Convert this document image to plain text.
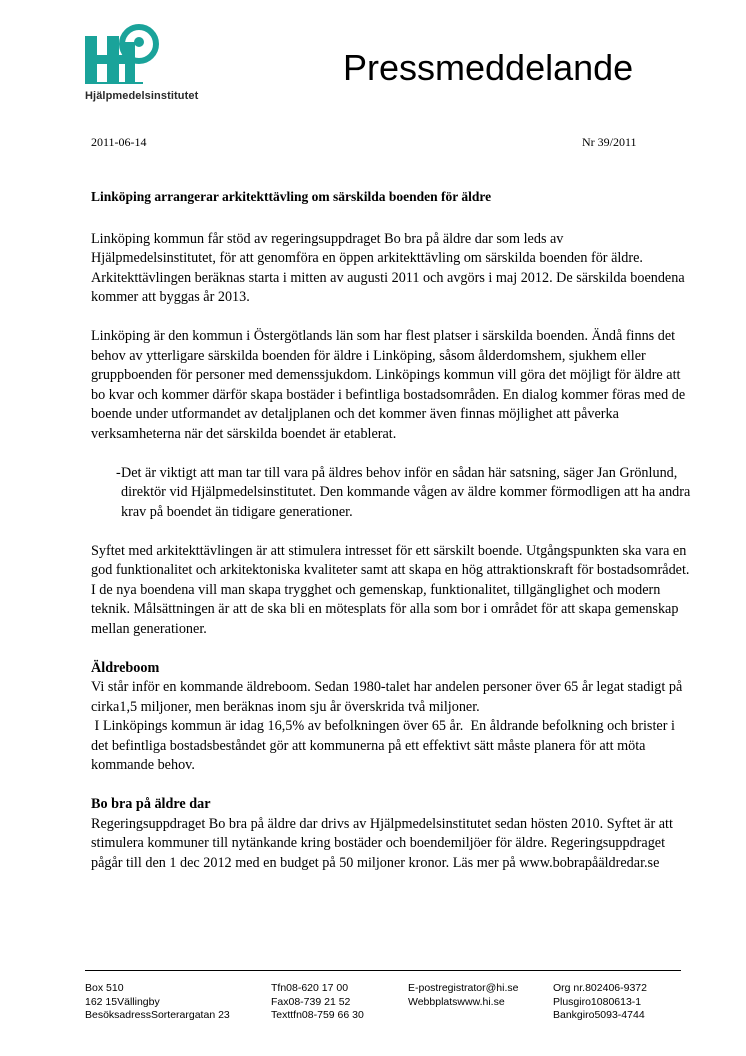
Hjälpmedelsinstitutet
Pressmeddelande
2011-06-14	Nr 39/2011

Linköping arrangerar arkitekttävling om särskilda boenden för äldre

Linköping kommun får stöd av regeringsuppdraget Bo bra på äldre dar som leds av Hjälpmedelsinstitutet, för att genomföra en öppen arkitekttävling om särskilda boenden för äldre. Arkitekttävlingen beräknas starta i mitten av augusti 2011 och avgörs i maj 2012. De särskilda boendena kommer att byggas år 2013.

Linköping är den kommun i Östergötlands län som har flest platser i särskilda boenden. Ändå finns det behov av ytterligare särskilda boenden för äldre i Linköping, såsom ålderdomshem, sjukhem eller gruppboenden för personer med demenssjukdom. Linköpings kommun vill göra det möjligt för äldre att bo kvar och kommer därför skapa bostäder i befintliga bostadsområden. En dialog kommer föras med de boende under utformandet av detaljplanen och det kommer även finnas möjlighet att påverka verksamheterna när det särskilda boendet är etablerat.

- Det är viktigt att man tar till vara på äldres behov inför en sådan här satsning, säger Jan Grönlund, direktör vid Hjälpmedelsinstitutet. Den kommande vågen av äldre kommer förmodligen att ha andra krav på boendet än tidigare generationer.

Syftet med arkitekttävlingen är att stimulera intresset för ett särskilt boende. Utgångspunkten ska vara en god funktionalitet och arkitektoniska kvaliteter samt att skapa en hög attraktionskraft för bostadsområdet. I de nya boendena vill man skapa trygghet och gemenskap, funktionalitet, tillgänglighet och modern teknik. Målsättningen är att de ska bli en mötesplats för alla som bor i området för att skapa gemenskap mellan generationer.

Äldreboom
Vi står inför en kommande äldreboom. Sedan 1980-talet har andelen personer över 65 år legat stadigt på cirka1,5 miljoner, men beräknas inom sju år överskrida två miljoner.
I Linköpings kommun är idag 16,5% av befolkningen över 65 år.  En åldrande befolkning och brister i det befintliga bostadsbeståndet gör att kommunerna på ett effektivt sätt måste planera för att möta kommande behov.
Bo bra på äldre dar
Regeringsuppdraget Bo bra på äldre dar drivs av Hjälpmedelsinstitutet sedan hösten 2010. Syftet är att stimulera kommuner till nytänkande kring bostäder och boendemiljöer för äldre. Regeringsuppdraget pågår till den 1 dec 2012 med en budget på 50 miljoner kronor. Läs mer på www.bobrapåäldredar.se
Box 510
162 15Vällingby
BesöksadressSorterargatan 23
Tfn08-620 17 00
Fax08-739 21 52
Texttfn08-759 66 30
E-postregistrator@hi.se
Webbplatswww.hi.se
Org nr.802406-9372
Plusgiro1080613-1
Bankgiro5093-4744
